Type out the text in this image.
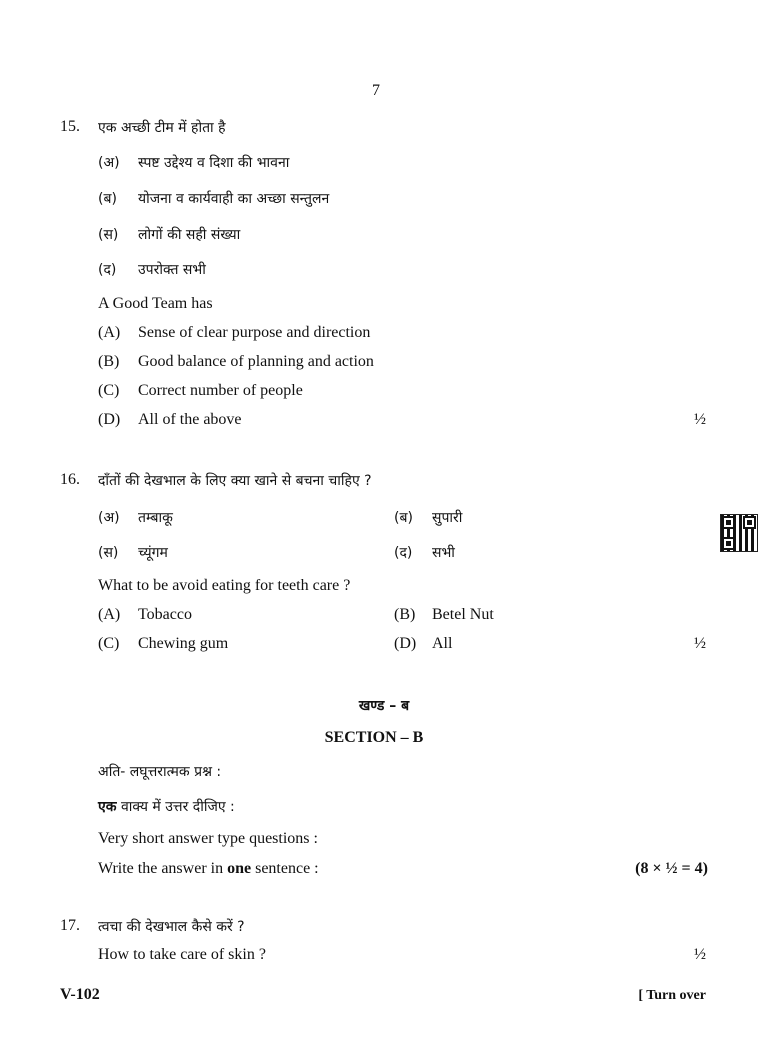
7
15. एक अच्छी टीम में होता है
(अ) स्पष्ट उद्देश्य व दिशा की भावना
(ब) योजना व कार्यवाही का अच्छा सन्तुलन
(स) लोगों की सही संख्या
(द) उपरोक्त सभी
A Good Team has
(A) Sense of clear purpose and direction
(B) Good balance of planning and action
(C) Correct number of people
(D) All of the above	½
16. दाँतों की देखभाल के लिए क्या खाने से बचना चाहिए ?
(अ) तम्बाकू	(ब) सुपारी
(स) च्यूंगम	(द) सभी
What to be avoid eating for teeth care ?
(A) Tobacco	(B) Betel Nut
(C) Chewing gum	(D) All	½
खण्ड – ब
SECTION – B
अति- लघूत्तरात्मक प्रश्न :
एक वाक्य में उत्तर दीजिए :
Very short answer type questions :
Write the answer in one sentence :	(8 × ½ = 4)
17. त्वचा की देखभाल कैसे करें ?
How to take care of skin ?	½
V-102	[ Turn over
